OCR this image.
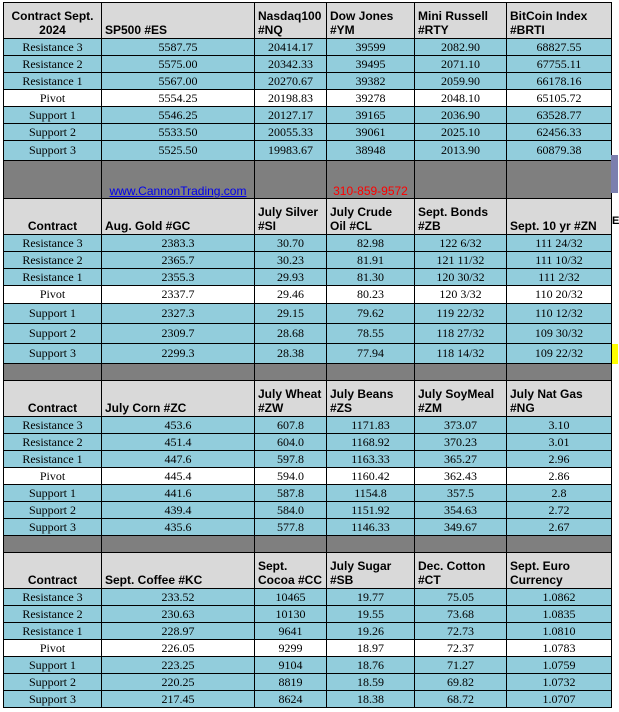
Contract Sept. 2024	SP500 #ES	Nasdaq100 #NQ	Dow Jones #YM	Mini Russell #RTY	BitCoin Index #BRTI
Resistance 3	5587.75	20414.17	39599	2082.90	68827.55
Resistance 2	5575.00	20342.33	39495	2071.10	67755.11
Resistance 1	5567.00	20270.67	39382	2059.90	66178.16
Pivot	5554.25	20198.83	39278	2048.10	65105.72
Support 1	5546.25	20127.17	39165	2036.90	63528.77
Support 2	5533.50	20055.33	39061	2025.10	62456.33
Support 3	5525.50	19983.67	38948	2013.90	60879.38
	www.CannonTrading.com		310-859-9572		
Contract	Aug. Gold #GC	July Silver #SI	July Crude Oil #CL	Sept. Bonds #ZB	Sept. 10 yr #ZN
Resistance 3	2383.3	30.70	82.98	122 6/32	111 24/32
Resistance 2	2365.7	30.23	81.91	121 11/32	111 10/32
Resistance 1	2355.3	29.93	81.30	120 30/32	111 2/32
Pivot	2337.7	29.46	80.23	120 3/32	110 20/32
Support 1	2327.3	29.15	79.62	119 22/32	110 12/32
Support 2	2309.7	28.68	78.55	118 27/32	109 30/32
Support 3	2299.3	28.38	77.94	118 14/32	109 22/32

Contract	July Corn #ZC	July Wheat #ZW	July Beans #ZS	July SoyMeal #ZM	July Nat Gas #NG
Resistance 3	453.6	607.8	1171.83	373.07	3.10
Resistance 2	451.4	604.0	1168.92	370.23	3.01
Resistance 1	447.6	597.8	1163.33	365.27	2.96
Pivot	445.4	594.0	1160.42	362.43	2.86
Support 1	441.6	587.8	1154.8	357.5	2.8
Support 2	439.4	584.0	1151.92	354.63	2.72
Support 3	435.6	577.8	1146.33	349.67	2.67

Contract	Sept. Coffee #KC	Sept. Cocoa #CC	July Sugar #SB	Dec. Cotton #CT	Sept. Euro Currency
Resistance 3	233.52	10465	19.77	75.05	1.0862
Resistance 2	230.63	10130	19.55	73.68	1.0835
Resistance 1	228.97	9641	19.26	72.73	1.0810
Pivot	226.05	9299	18.97	72.37	1.0783
Support 1	223.25	9104	18.76	71.27	1.0759
Support 2	220.25	8819	18.59	69.82	1.0732
Support 3	217.45	8624	18.38	68.72	1.0707
E
